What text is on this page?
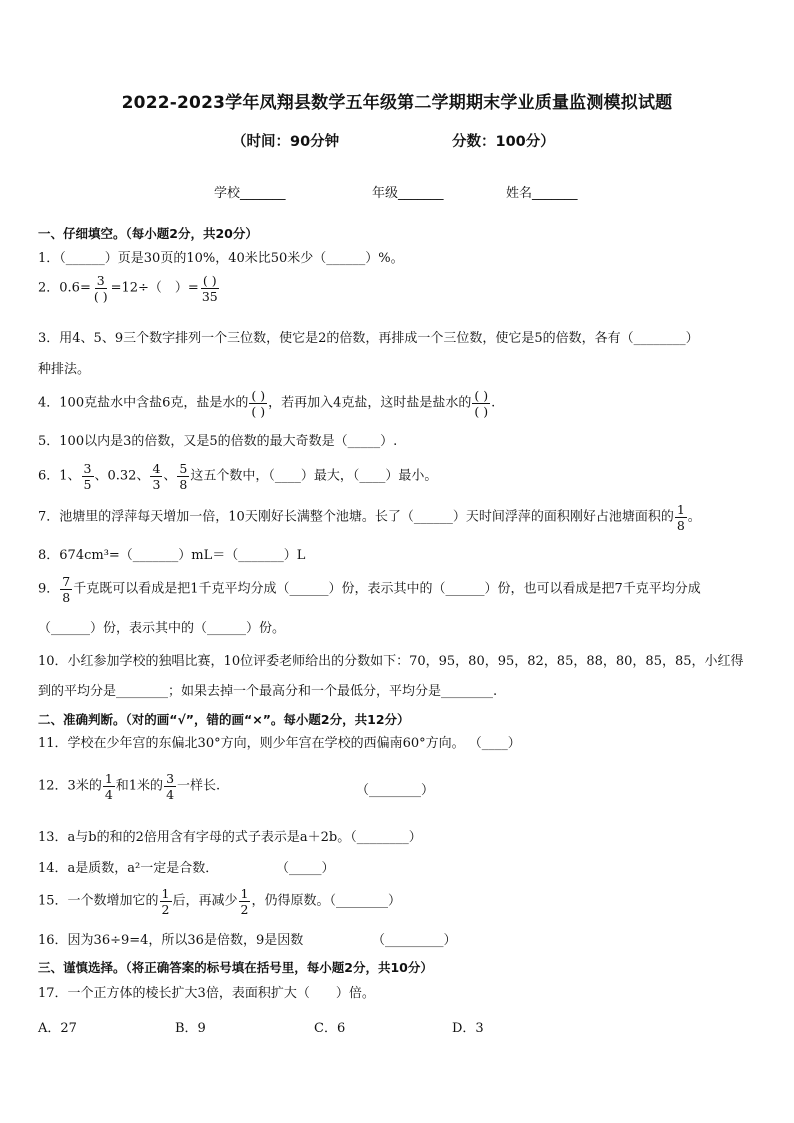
2022-2023学年凤翔县数学五年级第二学期期末学业质量监测模拟试题
（时间：90分钟	分数：100分）
学校_______	年级_______	姓名_______
一、仔细填空。（每小题2分，共20分）
1．（______）页是30页的10%，40米比50米少（______）%。
2．$0.6= \frac{3}{( )} =12\div$（　）= $\frac{( )}{35}$
3．用4、5、9三个数字排列一个三位数，使它是2的倍数，再排成一个三位数，使它是5的倍数，各有（________）
种排法。
4．100克盐水中含盐6克，盐是水的 $\frac{( )}{( )}$ ，若再加入4克盐，这时盐是盐水的 $\frac{( )}{( )}$ .
5．100以内是3的倍数，又是5的倍数的最大奇数是（_____）.
6．1、 $\frac{3}{5}$ 、0.32、 $\frac{4}{3}$ 、 $\frac{5}{8}$ 这五个数中，（____）最大，（____）最小。
7．池塘里的浮萍每天增加一倍，10天刚好长满整个池塘。长了（______）天时间浮萍的面积刚好占池塘面积的 $\frac{1}{8}$ 。
8．674cm³=（_______）mL＝（_______）L
9． $\frac{7}{8}$ 千克既可以看成是把1千克平均分成（______）份，表示其中的（______）份，也可以看成是把7千克平均分成
（______）份，表示其中的（______）份。
10．小红参加学校的独唱比赛，10位评委老师给出的分数如下：70，95，80，95，82，85，88，80，85，85，小红得
到的平均分是________；如果去掉一个最高分和一个最低分，平均分是________.
二、准确判断。（对的画“√”，错的画“×”。每小题2分，共12分）
11．学校在少年宫的东偏北30°方向，则少年宫在学校的西偏南60°方向。 （____）
12．3米的 $\frac{1}{4}$ 和1米的 $\frac{3}{4}$ 一样长.	（________）
13．a与b的和的2倍用含有字母的式子表示是a＋2b。（________）
14．a是质数，a²一定是合数．	（_____）
15．一个数增加它的 $\frac{1}{2}$ 后，再减少 $\frac{1}{2}$ ，仍得原数。（________）
16．因为36÷9=4，所以36是倍数，9是因数	（_________）
三、谨慎选择。（将正确答案的标号填在括号里，每小题2分，共10分）
17．一个正方体的棱长扩大3倍，表面积扩大（　　）倍。
A．27	B．9	C．6	D．3
